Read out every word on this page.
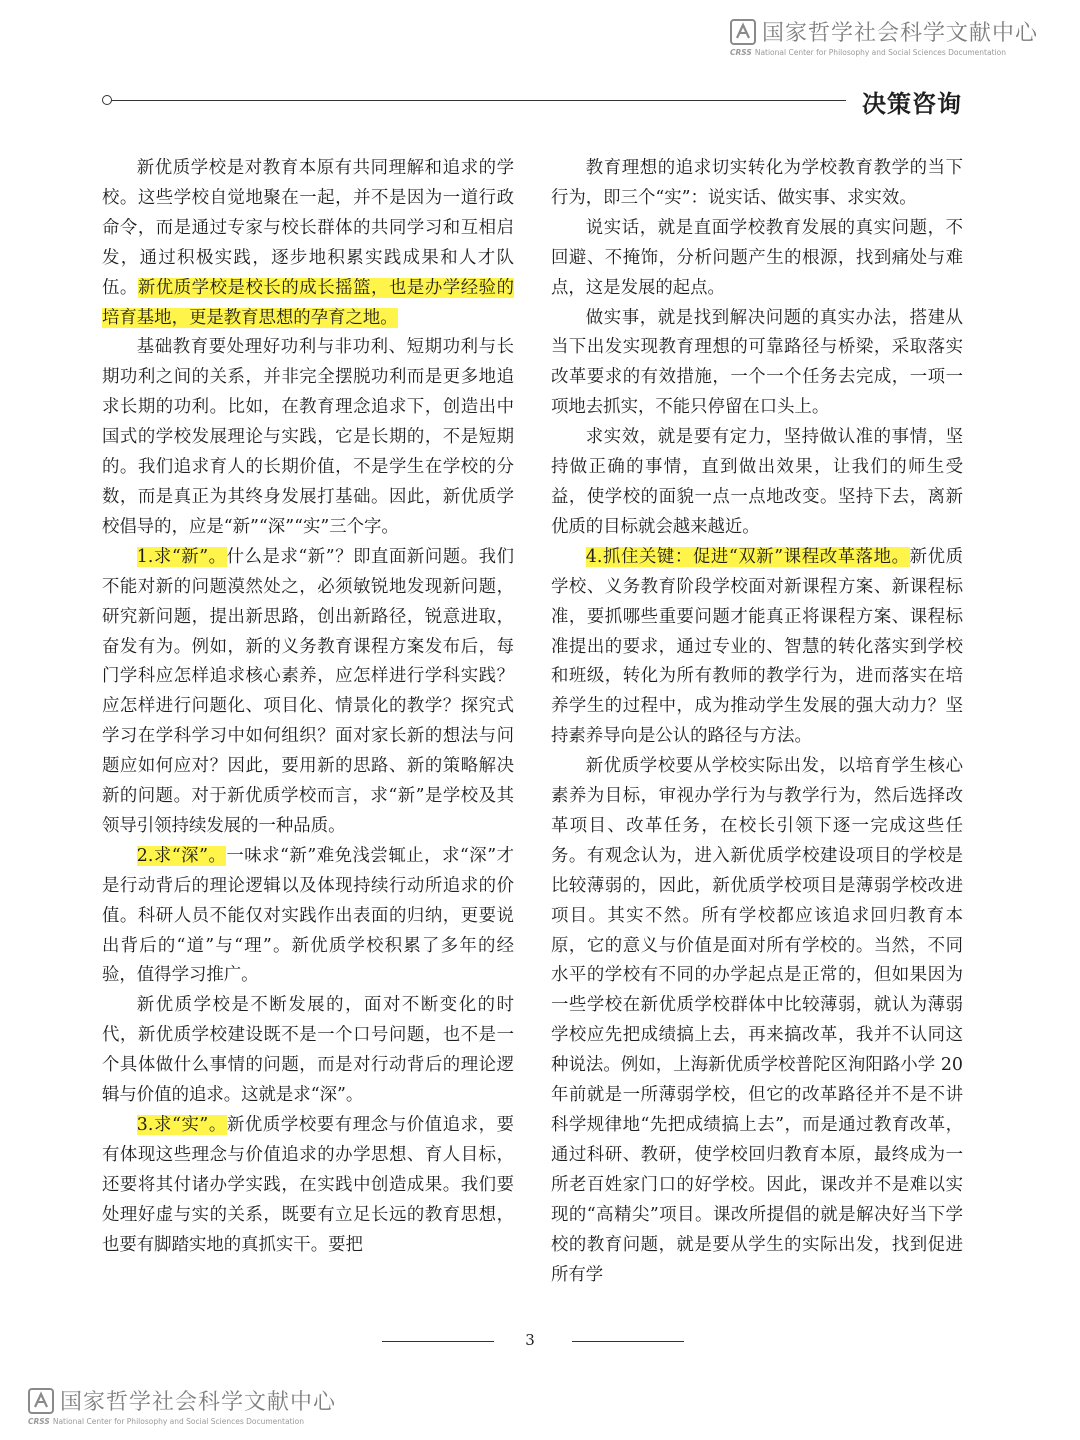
国家哲学社会科学文献中心
CRSS National Center for Philosophy and Social Sciences Documentation
决策咨询

新优质学校是对教育本原有共同理解和追求的学校。这些学校自觉地聚在一起，并不是因为一道行政命令，而是通过专家与校长群体的共同学习和互相启发，通过积极实践，逐步地积累实践成果和人才队伍。新优质学校是校长的成长摇篮，也是办学经验的培育基地，更是教育思想的孕育之地。

基础教育要处理好功利与非功利、短期功利与长期功利之间的关系，并非完全摆脱功利而是更多地追求长期的功利。比如，在教育理念追求下，创造出中国式的学校发展理论与实践，它是长期的，不是短期的。我们追求育人的长期价值，不是学生在学校的分数，而是真正为其终身发展打基础。因此，新优质学校倡导的，应是“新”“深”“实”三个字。

1.求“新”。什么是求“新”？即直面新问题。我们不能对新的问题漠然处之，必须敏锐地发现新问题，研究新问题，提出新思路，创出新路径，锐意进取，奋发有为。例如，新的义务教育课程方案发布后，每门学科应怎样追求核心素养，应怎样进行学科实践？应怎样进行问题化、项目化、情景化的教学？探究式学习在学科学习中如何组织？面对家长新的想法与问题应如何应对？因此，要用新的思路、新的策略解决新的问题。对于新优质学校而言，求“新”是学校及其领导引领持续发展的一种品质。

2.求“深”。一味求“新”难免浅尝辄止，求“深”才是行动背后的理论逻辑以及体现持续行动所追求的价值。科研人员不能仅对实践作出表面的归纳，更要说出背后的“道”与“理”。新优质学校积累了多年的经验，值得学习推广。

新优质学校是不断发展的，面对不断变化的时代，新优质学校建设既不是一个口号问题，也不是一个具体做什么事情的问题，而是对行动背后的理论逻辑与价值的追求。这就是求“深”。

3.求“实”。新优质学校要有理念与价值追求，要有体现这些理念与价值追求的办学思想、育人目标，还要将其付诸办学实践，在实践中创造成果。我们要处理好虚与实的关系，既要有立足长远的教育思想，也要有脚踏实地的真抓实干。要把

教育理想的追求切实转化为学校教育教学的当下行为，即三个“实”：说实话、做实事、求实效。

说实话，就是直面学校教育发展的真实问题，不回避、不掩饰，分析问题产生的根源，找到痛处与难点，这是发展的起点。

做实事，就是找到解决问题的真实办法，搭建从当下出发实现教育理想的可靠路径与桥梁，采取落实改革要求的有效措施，一个一个任务去完成，一项一项地去抓实，不能只停留在口头上。

求实效，就是要有定力，坚持做认准的事情，坚持做正确的事情，直到做出效果，让我们的师生受益，使学校的面貌一点一点地改变。坚持下去，离新优质的目标就会越来越近。

4.抓住关键：促进“双新”课程改革落地。新优质学校、义务教育阶段学校面对新课程方案、新课程标准，要抓哪些重要问题才能真正将课程方案、课程标准提出的要求，通过专业的、智慧的转化落实到学校和班级，转化为所有教师的教学行为，进而落实在培养学生的过程中，成为推动学生发展的强大动力？坚持素养导向是公认的路径与方法。

新优质学校要从学校实际出发，以培育学生核心素养为目标，审视办学行为与教学行为，然后选择改革项目、改革任务，在校长引领下逐一完成这些任务。有观念认为，进入新优质学校建设项目的学校是比较薄弱的，因此，新优质学校项目是薄弱学校改进项目。其实不然。所有学校都应该追求回归教育本原，它的意义与价值是面对所有学校的。当然，不同水平的学校有不同的办学起点是正常的，但如果因为一些学校在新优质学校群体中比较薄弱，就认为薄弱学校应先把成绩搞上去，再来搞改革，我并不认同这种说法。例如，上海新优质学校普陀区洵阳路小学 20 年前就是一所薄弱学校，但它的改革路径并不是不讲科学规律地“先把成绩搞上去”，而是通过教育改革，通过科研、教研，使学校回归教育本原，最终成为一所老百姓家门口的好学校。因此，课改并不是难以实现的“高精尖”项目。课改所提倡的就是解决好当下学校的教育问题，就是要从学生的实际出发，找到促进所有学

3
国家哲学社会科学文献中心
CRSS National Center for Philosophy and Social Sciences Documentation
